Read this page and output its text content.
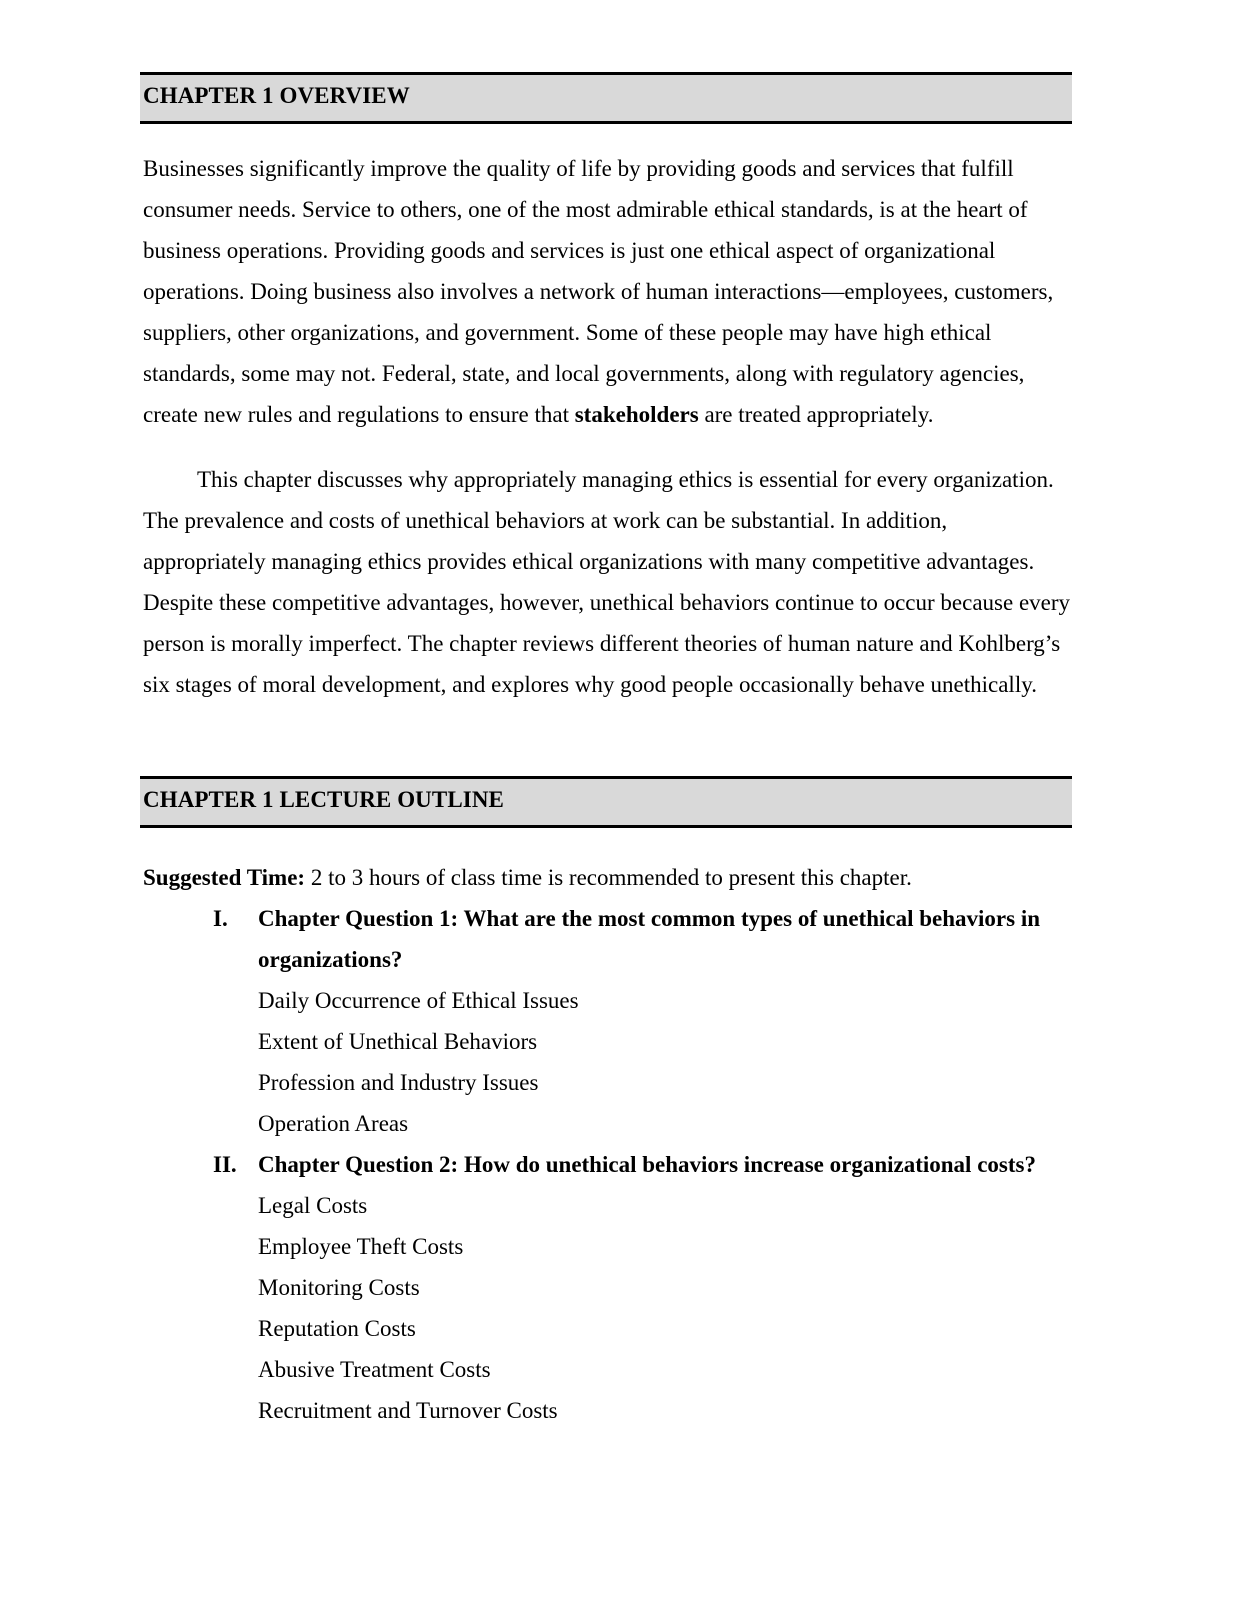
CHAPTER 1 OVERVIEW

Businesses significantly improve the quality of life by providing goods and services that fulfill consumer needs. Service to others, one of the most admirable ethical standards, is at the heart of business operations. Providing goods and services is just one ethical aspect of organizational operations. Doing business also involves a network of human interactions—employees, customers, suppliers, other organizations, and government. Some of these people may have high ethical standards, some may not. Federal, state, and local governments, along with regulatory agencies, create new rules and regulations to ensure that stakeholders are treated appropriately.

This chapter discusses why appropriately managing ethics is essential for every organization. The prevalence and costs of unethical behaviors at work can be substantial. In addition, appropriately managing ethics provides ethical organizations with many competitive advantages. Despite these competitive advantages, however, unethical behaviors continue to occur because every person is morally imperfect. The chapter reviews different theories of human nature and Kohlberg’s six stages of moral development, and explores why good people occasionally behave unethically.

CHAPTER 1 LECTURE OUTLINE
Suggested Time: 2 to 3 hours of class time is recommended to present this chapter.
I. Chapter Question 1: What are the most common types of unethical behaviors in organizations?
Daily Occurrence of Ethical Issues
Extent of Unethical Behaviors
Profession and Industry Issues
Operation Areas
II. Chapter Question 2: How do unethical behaviors increase organizational costs?
Legal Costs
Employee Theft Costs
Monitoring Costs
Reputation Costs
Abusive Treatment Costs
Recruitment and Turnover Costs
